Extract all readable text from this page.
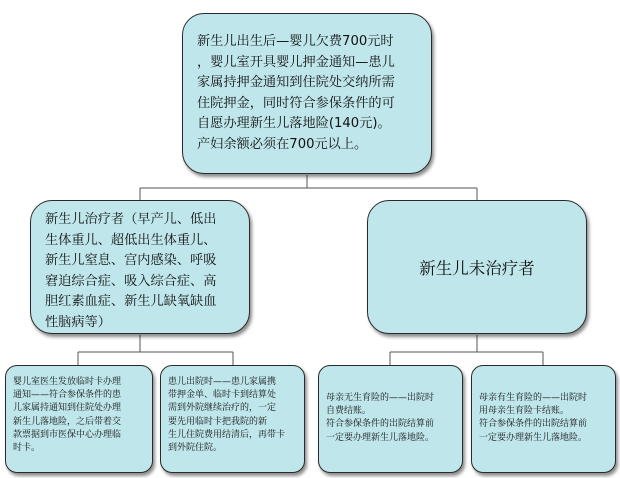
新生儿出生后—婴儿欠费700元时
，婴儿室开具婴儿押金通知—患儿
家属持押金通知到住院处交纳所需
住院押金，同时符合参保条件的可
自愿办理新生儿落地险(140元)。
产妇余额必须在700元以上。

新生儿治疗者（早产儿、低出
生体重儿、超低出生体重儿、
新生儿窒息、宫内感染、呼吸
窘迫综合症、吸入综合症、高
胆红素血症、新生儿缺氧缺血
性脑病等）

新生儿未治疗者

婴儿室医生发放临时卡办理
通知——符合参保条件的患
儿家属持通知到住院处办理
新生儿落地险，之后带着交
款票据到市医保中心办理临
时卡。

患儿出院时——患儿家属携
带押金单、临时卡到结算处
需到外院继续治疗的，一定
要先用临时卡把我院的新
生儿住院费用结清后，再带卡
到外院住院。

母亲无生育险的——出院时
自费结账。
符合参保条件的出院结算前
一定要办理新生儿落地险。

母亲有生育险的——出院时
用母亲生育险卡结账。
符合参保条件的出院结算前
一定要办理新生儿落地险。
